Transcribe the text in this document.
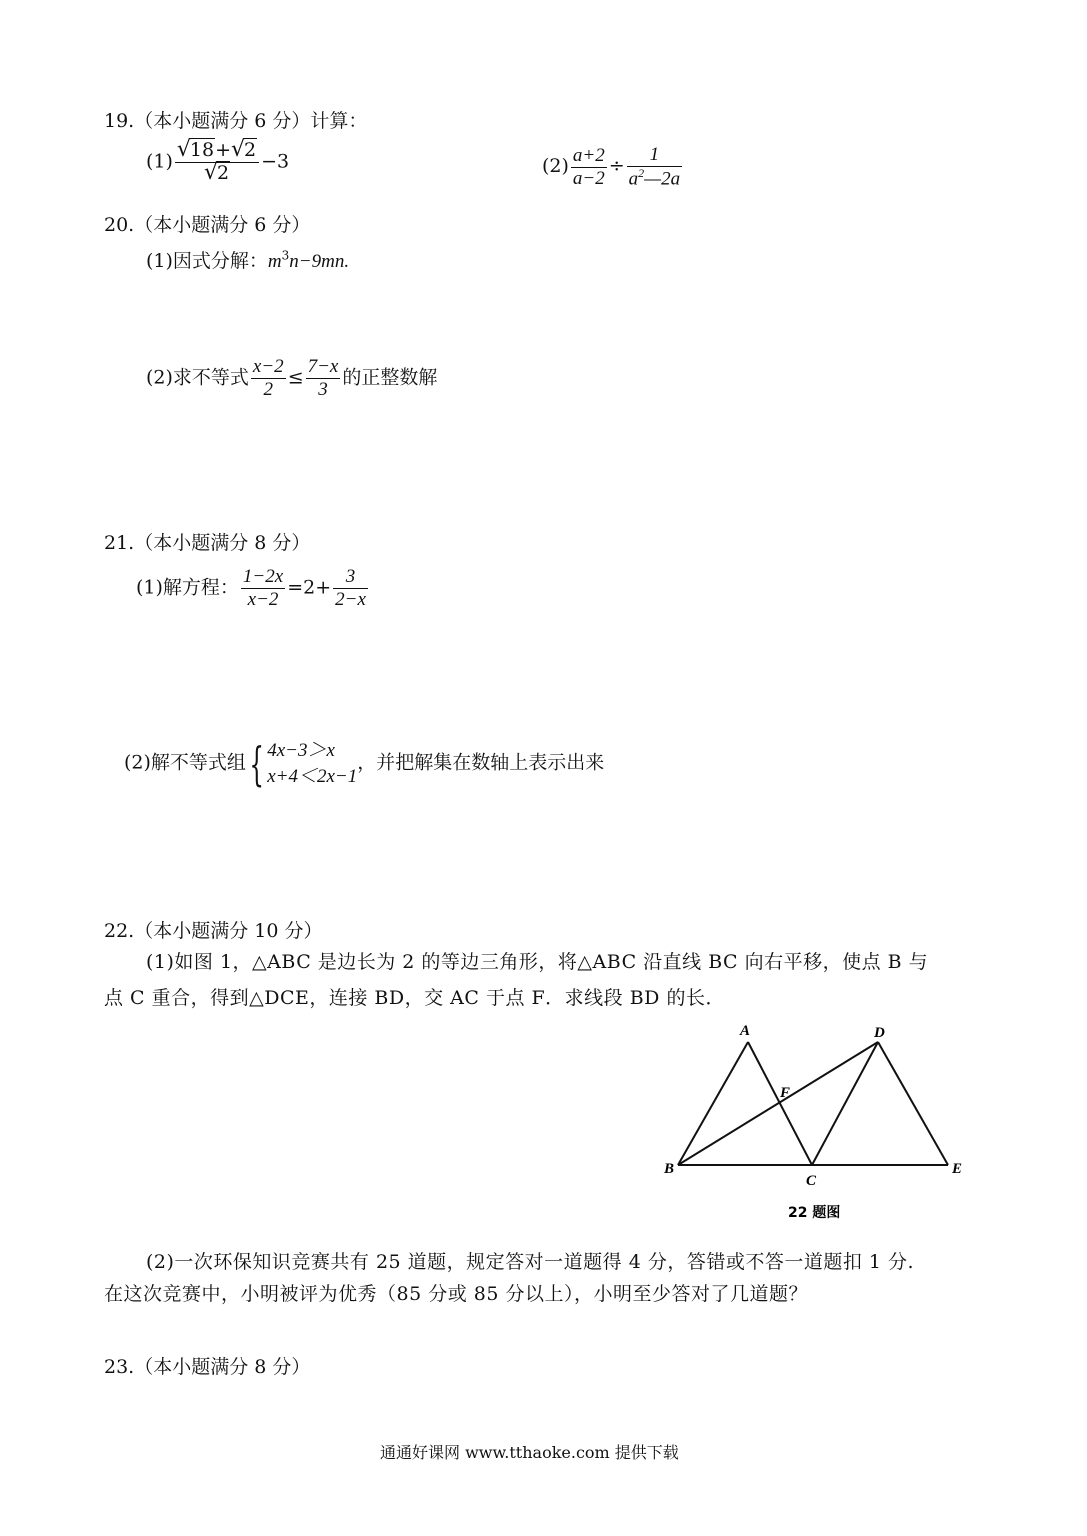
19.（本小题满分 6 分）计算：
(1) √
18+ √
2
√
2 −3	$(2) \frac{a+2}{a-2} \div \frac{1}{a^2—2a}$
20.（本小题满分 6 分）
(1)因式分解：$m^3n-9mn$.
(2)求不等式 $\frac{x-2}{2} \le \frac{7-x}{3}$ 的正整数解
21.（本小题满分 8 分）
(1)解方程： $\frac{1-2x}{x-2} =2+ \frac{3}{2-x}$
(2)解不等式组{ 4x−3＞x
x+4＜2x−1
，并把解集在数轴上表示出来
22.（本小题满分 10 分）
(1)如图 1，△ABC 是边长为 2 的等边三角形，将△ABC 沿直线 BC 向右平移，使点 B 与
点 C 重合，得到△DCE，连接 BD，交 AC 于点 F．求线段 BD 的长．
A
B
C
D
E
F
22 题图
(2)一次环保知识竞赛共有 25 道题，规定答对一道题得 4 分，答错或不答一道题扣 1 分.
在这次竞赛中，小明被评为优秀（85 分或 85 分以上），小明至少答对了几道题？
23.（本小题满分 8 分）
通通好课网 www.tthaoke.com 提供下载
